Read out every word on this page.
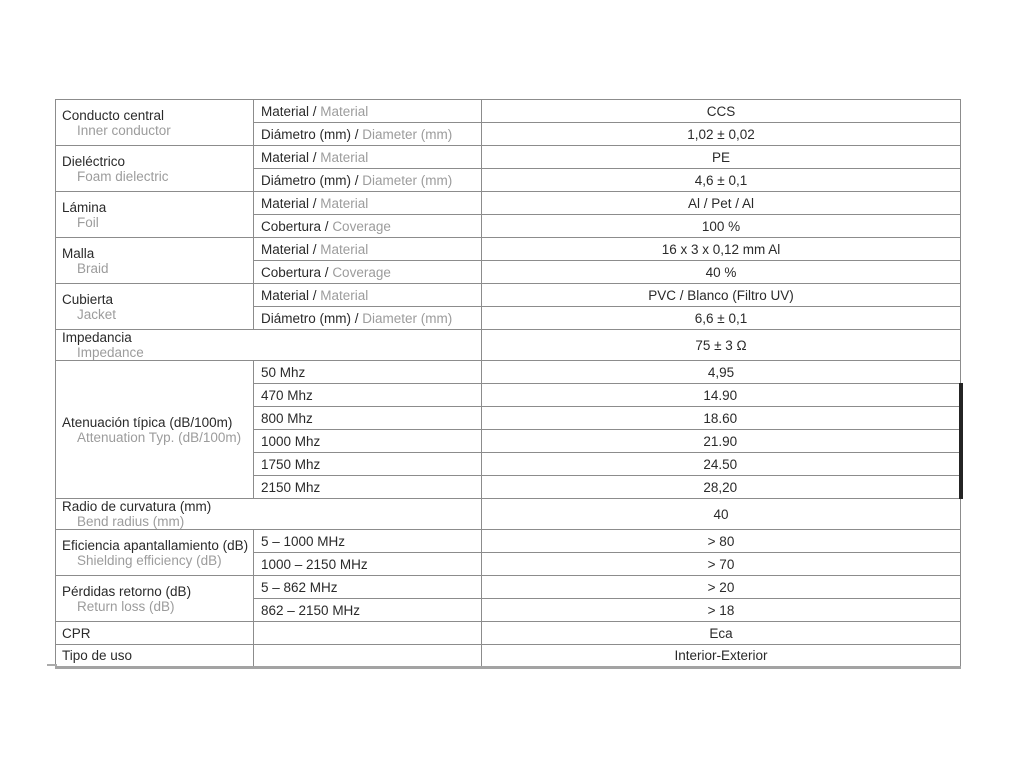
Conducto central
Inner conductor	Material / Material	CCS
	Diámetro (mm) / Diameter (mm)	1,02 ± 0,02

Dieléctrico
Foam dielectric	Material / Material	PE
	Diámetro (mm) / Diameter (mm)	4,6 ± 0,1

Lámina
Foil	Material / Material	Al / Pet / Al
	Cobertura / Coverage	100 %

Malla
Braid	Material / Material	16 x 3 x 0,12 mm Al
	Cobertura / Coverage	40 %

Cubierta
Jacket	Material / Material	PVC / Blanco (Filtro UV)
	Diámetro (mm) / Diameter (mm)	6,6 ± 0,1

Impedancia
Impedance		75 ± 3 Ω

Atenuación típica (dB/100m)
Attenuation Typ. (dB/100m)	50 Mhz	4,95
	470 Mhz	14.90
	800 Mhz	18.60
	1000 Mhz	21.90
	1750 Mhz	24.50
	2150 Mhz	28,20

Radio de curvatura (mm)
Bend radius (mm)		40

Eficiencia apantallamiento (dB)
Shielding efficiency (dB)	5 – 1000 MHz	> 80
	1000 – 2150 MHz	> 70

Pérdidas retorno (dB)
Return loss (dB)	5 – 862 MHz	> 20
	862 – 2150 MHz	> 18

CPR		Eca

Tipo de uso		Interior-Exterior
